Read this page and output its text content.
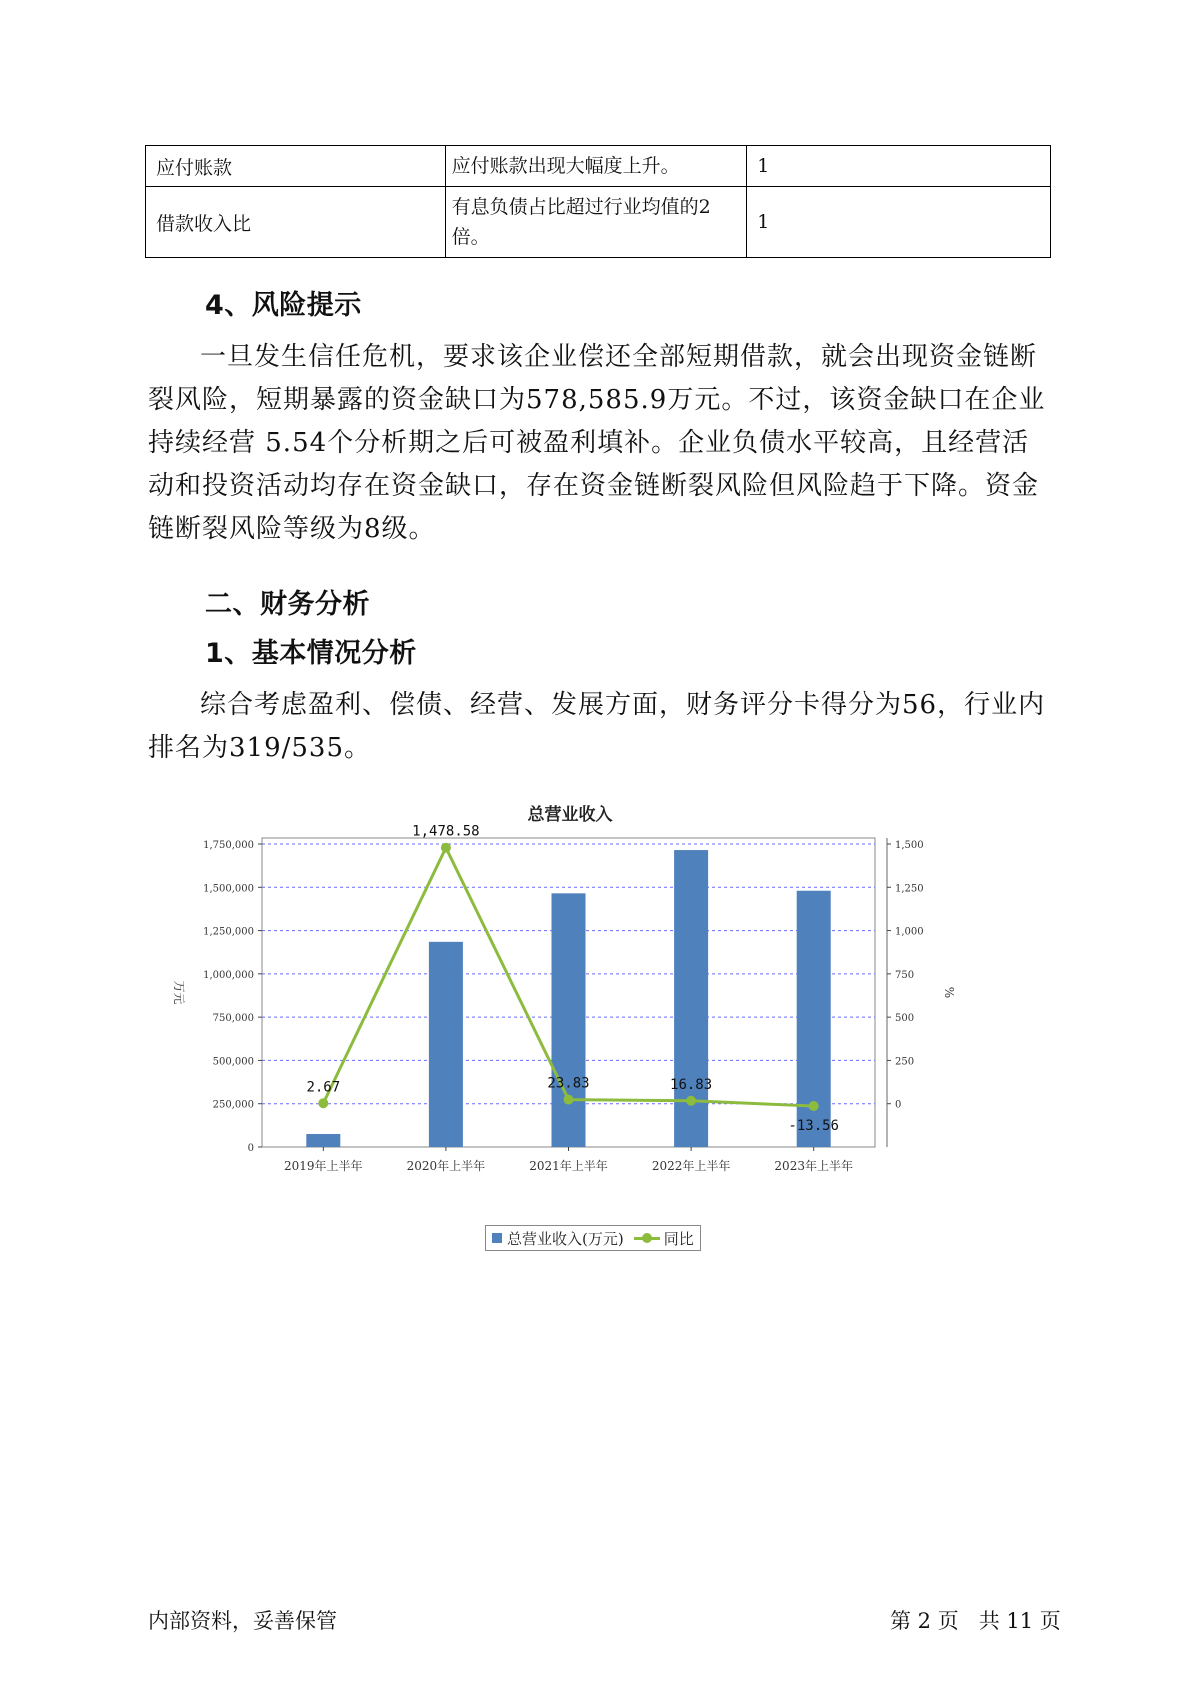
应付账款	应付账款出现大幅度上升。	1
借款收入比	有息负债占比超过行业均值的2倍。	1
4、风险提示

一旦发生信任危机，要求该企业偿还全部短期借款，就会出现资金链断裂风险，短期暴露的资金缺口为578,585.9万元。不过，该资金缺口在企业持续经营 5.54个分析期之后可被盈利填补。企业负债水平较高，且经营活动和投资活动均存在资金缺口，存在资金链断裂风险但风险趋于下降。资金链断裂风险等级为8级。

二、财务分析
1、基本情况分析

综合考虑盈利、偿债、经营、发展方面，财务评分卡得分为56，行业内排名为319/535。

总营业收入
0
250,000
500,000
750,000
1,000,000
1,250,000
1,500,000
1,750,000
0
250
500
750
1,000
1,250
1,500
万元	%
2019年上半年	2020年上半年	2021年上半年	2022年上半年	2023年上半年
2.67
1,478.58
23.83	16.83
-13.56
总营业收入(万元)	同比
内部资料，妥善保管	第 2 页   共 11 页
